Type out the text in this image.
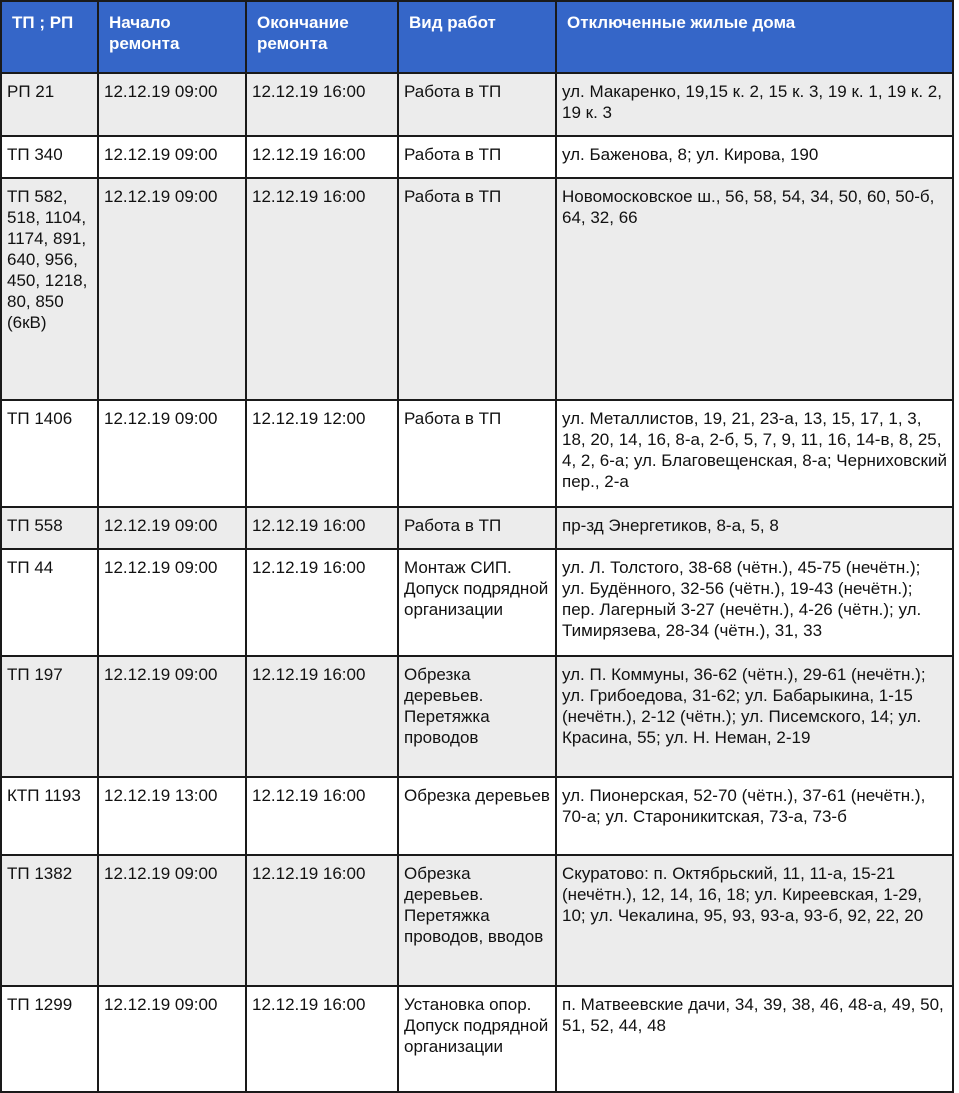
ТП ; РП	Начало ремонта	Окончание ремонта	Вид работ	Отключенные жилые дома
РП 21	12.12.19 09:00	12.12.19 16:00	Работа в ТП	ул. Макаренко, 19,15 к. 2, 15 к. 3, 19 к. 1, 19 к. 2, 19 к. 3
ТП 340	12.12.19 09:00	12.12.19 16:00	Работа в ТП	ул. Баженова, 8; ул. Кирова, 190
ТП 582, 518, 1104, 1174, 891, 640, 956, 450, 1218, 80, 850 (6кВ)	12.12.19 09:00	12.12.19 16:00	Работа в ТП	Новомосковское ш., 56, 58, 54, 34, 50, 60, 50-б, 64, 32, 66
ТП 1406	12.12.19 09:00	12.12.19 12:00	Работа в ТП	ул. Металлистов, 19, 21, 23-а, 13, 15, 17, 1, 3, 18, 20, 14, 16, 8-а, 2-б, 5, 7, 9, 11, 16, 14-в, 8, 25, 4, 2, 6-а; ул. Благовещенская, 8-а; Черниховский пер., 2-а
ТП 558	12.12.19 09:00	12.12.19 16:00	Работа в ТП	пр-зд Энергетиков, 8-а, 5, 8
ТП 44	12.12.19 09:00	12.12.19 16:00	Монтаж СИП. Допуск подрядной организации	ул. Л. Толстого, 38-68 (чётн.), 45-75 (нечётн.); ул. Будённого, 32-56 (чётн.), 19-43 (нечётн.); пер. Лагерный 3-27 (нечётн.), 4-26 (чётн.); ул. Тимирязева, 28-34 (чётн.), 31, 33
ТП 197	12.12.19 09:00	12.12.19 16:00	Обрезка деревьев. Перетяжка проводов	ул. П. Коммуны, 36-62 (чётн.), 29-61 (нечётн.); ул. Грибоедова, 31-62; ул. Бабарыкина, 1-15 (нечётн.), 2-12 (чётн.); ул. Писемского, 14; ул. Красина, 55; ул. Н. Неман, 2-19
КТП 1193	12.12.19 13:00	12.12.19 16:00	Обрезка деревьев	ул. Пионерская, 52-70 (чётн.), 37-61 (нечётн.), 70-а; ул. Староникитская, 73-а, 73-б
ТП 1382	12.12.19 09:00	12.12.19 16:00	Обрезка деревьев. Перетяжка проводов, вводов	Скуратово: п. Октябрьский, 11, 11-а, 15-21 (нечётн.), 12, 14, 16, 18; ул. Киреевская, 1-29, 10; ул. Чекалина, 95, 93, 93-а, 93-б, 92, 22, 20
ТП 1299	12.12.19 09:00	12.12.19 16:00	Установка опор. Допуск подрядной организации	п. Матвеевские дачи, 34, 39, 38, 46, 48-а, 49, 50, 51, 52, 44, 48
